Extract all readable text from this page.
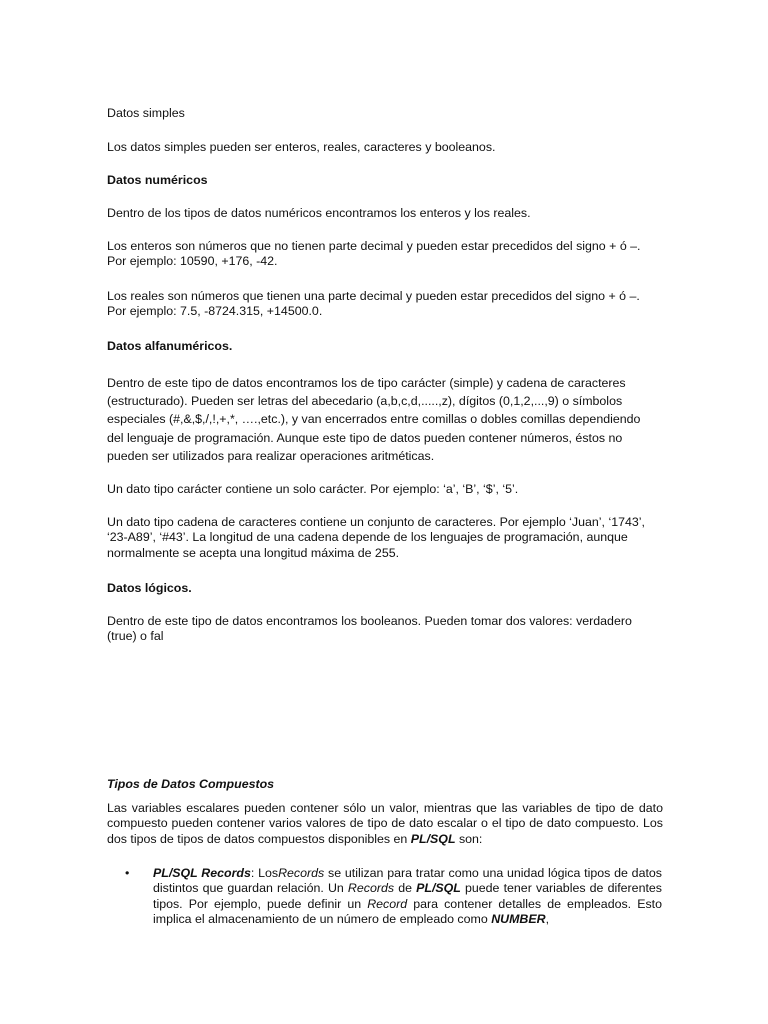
Datos simples

Los datos simples pueden ser enteros, reales, caracteres y booleanos.

Datos numéricos

Dentro de los tipos de datos numéricos encontramos los enteros y los reales.

Los enteros son números que no tienen parte decimal y pueden estar precedidos del signo + ó –.
Por ejemplo: 10590, +176, -42.
Los reales son números que tienen una parte decimal y pueden estar precedidos del signo + ó –.
Por ejemplo: 7.5, -8724.315, +14500.0.

Datos alfanuméricos.

Dentro de este tipo de datos encontramos los de tipo carácter (simple) y cadena de caracteres
(estructurado). Pueden ser letras del abecedario (a,b,c,d,.....,z), dígitos (0,1,2,...,9) o símbolos
especiales (#,&,$,/,!,+,*, ….,etc.), y van encerrados entre comillas o dobles comillas dependiendo
del lenguaje de programación. Aunque este tipo de datos pueden contener números, éstos no
pueden ser utilizados para realizar operaciones aritméticas.

Un dato tipo carácter contiene un solo carácter. Por ejemplo: ‘a’, ‘B’, ‘$’, ‘5’.

Un dato tipo cadena de caracteres contiene un conjunto de caracteres. Por ejemplo ‘Juan’, ‘1743’,
‘23-A89’, ‘#43’. La longitud de una cadena depende de los lenguajes de programación, aunque
normalmente se acepta una longitud máxima de 255.

Datos lógicos.

Dentro de este tipo de datos encontramos los booleanos. Pueden tomar dos valores: verdadero
(true) o fal

Tipos de Datos Compuestos

Las variables escalares pueden contener sólo un valor, mientras que las variables de tipo de dato compuesto pueden contener varios valores de tipo de dato escalar o el tipo de dato compuesto. Los dos tipos de tipos de datos compuestos disponibles en PL/SQL son:

• PL/SQL Records: LosRecords se utilizan para tratar como una unidad lógica tipos de datos distintos que guardan relación. Un Records de PL/SQL puede tener variables de diferentes tipos. Por ejemplo, puede definir un Record para contener detalles de empleados. Esto implica el almacenamiento de un número de empleado como NUMBER,
